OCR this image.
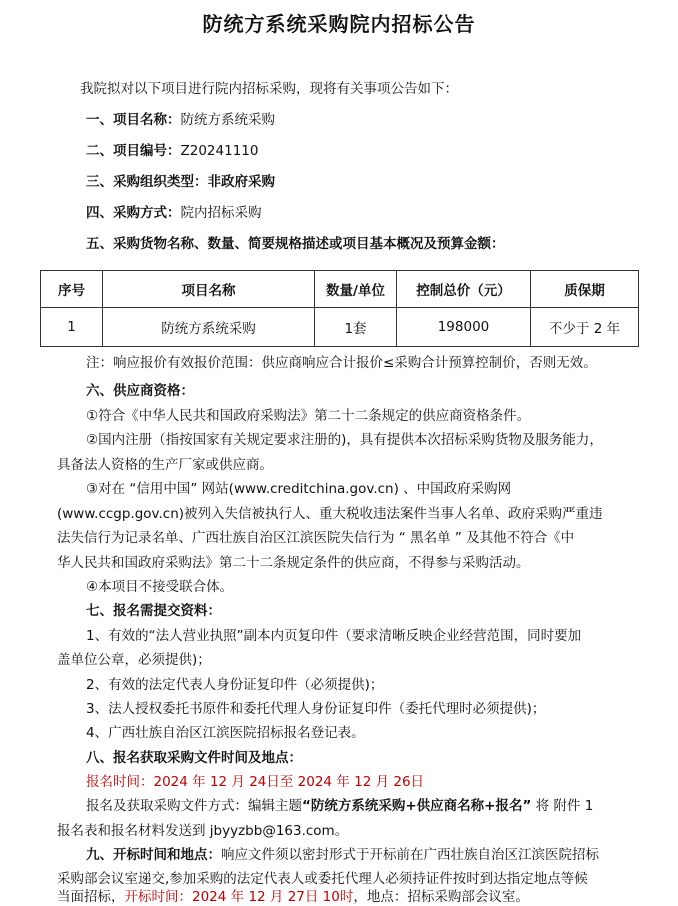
防统方系统采购院内招标公告
我院拟对以下项目进行院内招标采购，现将有关事项公告如下：
一、项目名称：防统方系统采购
二、项目编号：Z20241110
三、采购组织类型：非政府采购
四、采购方式：院内招标采购
五、采购货物名称、数量、简要规格描述或项目基本概况及预算金额：
序号	项目名称	数量/单位	控制总价（元）	质保期
1	防统方系统采购	1套	198000	不少于 2 年
注：响应报价有效报价范围：供应商响应合计报价≤采购合计预算控制价，否则无效。
六、供应商资格：
①符合《中华人民共和国政府采购法》第二十二条规定的供应商资格条件。
②国内注册（指按国家有关规定要求注册的)，具有提供本次招标采购货物及服务能力，
具备法人资格的生产厂家或供应商。
③对在 “信用中国” 网站(www.creditchina.gov.cn) 、中国政府采购网
(www.ccgp.gov.cn)被列入失信被执行人、重大税收违法案件当事人名单、政府采购严重违
法失信行为记录名单、广西壮族自治区江滨医院失信行为 “ 黑名单 ” 及其他不符合《中
华人民共和国政府采购法》第二十二条规定条件的供应商，不得参与采购活动。
④本项目不接受联合体。
七、报名需提交资料：
1、有效的“法人营业执照”副本内页复印件（要求清晰反映企业经营范围，同时要加
盖单位公章，必须提供)；
2、有效的法定代表人身份证复印件（必须提供)；
3、法人授权委托书原件和委托代理人身份证复印件（委托代理时必须提供)；
4、广西壮族自治区江滨医院招标报名登记表。
八、报名获取采购文件时间及地点：
报名时间：2024 年 12 月 24日至 2024 年 12 月 26日
报名及获取采购文件方式：编辑主题“防统方系统采购+供应商名称+报名” 将 附件 1
报名表和报名材料发送到 jbyyzbb@163.com。
九、开标时间和地点：响应文件须以密封形式于开标前在广西壮族自治区江滨医院招标
采购部会议室递交,参加采购的法定代表人或委托代理人必须持证件按时到达指定地点等候
当面招标，开标时间：2024 年 12 月 27日 10时，地点：招标采购部会议室。
